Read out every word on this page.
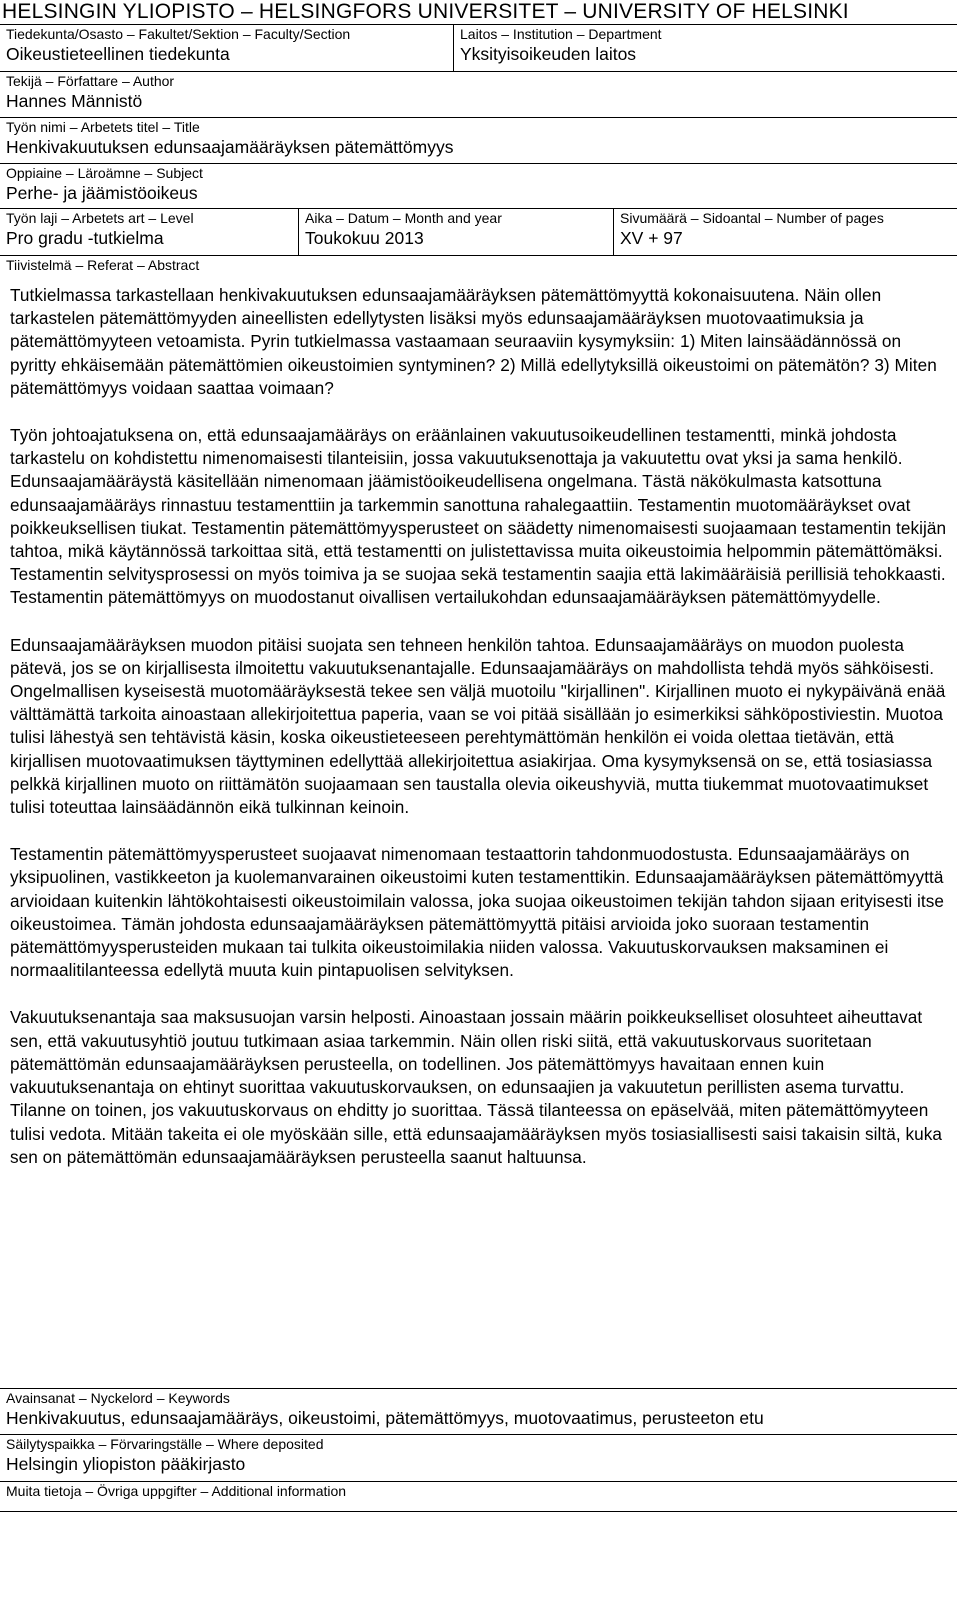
HELSINGIN YLIOPISTO – HELSINGFORS UNIVERSITET – UNIVERSITY OF HELSINKI
Tiedekunta/Osasto – Fakultet/Sektion – Faculty/Section
Oikeustieteellinen tiedekunta
Laitos – Institution – Department
Yksityisoikeuden laitos
Tekijä – Författare – Author
Hannes Männistö
Työn nimi – Arbetets titel – Title
Henkivakuutuksen edunsaajamääräyksen pätemättömyys
Oppiaine – Läroämne – Subject
Perhe- ja jäämistöoikeus
Työn laji – Arbetets art – Level
Pro gradu -tutkielma
Aika – Datum – Month and year
Toukokuu 2013
Sivumäärä – Sidoantal – Number of pages
XV + 97
Tiivistelmä – Referat – Abstract

Tutkielmassa tarkastellaan henkivakuutuksen edunsaajamääräyksen pätemättömyyttä kokonaisuutena. Näin ollen tarkastelen pätemättömyyden aineellisten edellytysten lisäksi myös edunsaajamääräyksen muotovaatimuksia ja pätemättömyyteen vetoamista. Pyrin tutkielmassa vastaamaan seuraaviin kysymyksiin: 1) Miten lainsäädännössä on pyritty ehkäisemään pätemättömien oikeustoimien syntyminen? 2) Millä edellytyksillä oikeustoimi on pätemätön? 3) Miten pätemättömyys voidaan saattaa voimaan?

Työn johtoajatuksena on, että edunsaajamääräys on eräänlainen vakuutusoikeudellinen testamentti, minkä johdosta tarkastelu on kohdistettu nimenomaisesti tilanteisiin, jossa vakuutuksenottaja ja vakuutettu ovat yksi ja sama henkilö. Edunsaajamääräystä käsitellään nimenomaan jäämistöoikeudellisena ongelmana. Tästä näkökulmasta katsottuna edunsaajamääräys rinnastuu testamenttiin ja tarkemmin sanottuna rahalegaattiin. Testamentin muotomääräykset ovat poikkeuksellisen tiukat. Testamentin pätemättömyysperusteet on säädetty nimenomaisesti suojaamaan testamentin tekijän tahtoa, mikä käytännössä tarkoittaa sitä, että testamentti on julistettavissa muita oikeustoimia helpommin pätemättömäksi. Testamentin selvitysprosessi on myös toimiva ja se suojaa sekä testamentin saajia että lakimääräisiä perillisiä tehokkaasti. Testamentin pätemättömyys on muodostanut oivallisen vertailukohdan edunsaajamääräyksen pätemättömyydelle.

Edunsaajamääräyksen muodon pitäisi suojata sen tehneen henkilön tahtoa. Edunsaajamääräys on muodon puolesta pätevä, jos se on kirjallisesta ilmoitettu vakuutuksenantajalle. Edunsaajamääräys on mahdollista tehdä myös sähköisesti. Ongelmallisen kyseisestä muotomääräyksestä tekee sen väljä muotoilu "kirjallinen". Kirjallinen muoto ei nykypäivänä enää välttämättä tarkoita ainoastaan allekirjoitettua paperia, vaan se voi pitää sisällään jo esimerkiksi sähköpostiviestin. Muotoa tulisi lähestyä sen tehtävistä käsin, koska oikeustieteeseen perehtymättömän henkilön ei voida olettaa tietävän, että kirjallisen muotovaatimuksen täyttyminen edellyttää allekirjoitettua asiakirjaa. Oma kysymyksensä on se, että tosiasiassa pelkkä kirjallinen muoto on riittämätön suojaamaan sen taustalla olevia oikeushyviä, mutta tiukemmat muotovaatimukset tulisi toteuttaa lainsäädännön eikä tulkinnan keinoin.

Testamentin pätemättömyysperusteet suojaavat nimenomaan testaattorin tahdonmuodostusta. Edunsaajamääräys on yksipuolinen, vastikkeeton ja kuolemanvarainen oikeustoimi kuten testamenttikin. Edunsaajamääräyksen pätemättömyyttä arvioidaan kuitenkin lähtökohtaisesti oikeustoimilain valossa, joka suojaa oikeustoimen tekijän tahdon sijaan erityisesti itse oikeustoimea. Tämän johdosta edunsaajamääräyksen pätemättömyyttä pitäisi arvioida joko suoraan testamentin pätemättömyysperusteiden mukaan tai tulkita oikeustoimilakia niiden valossa. Vakuutuskorvauksen maksaminen ei normaalitilanteessa edellytä muuta kuin pintapuolisen selvityksen.

Vakuutuksenantaja saa maksusuojan varsin helposti. Ainoastaan jossain määrin poikkeukselliset olosuhteet aiheuttavat sen, että vakuutusyhtiö joutuu tutkimaan asiaa tarkemmin. Näin ollen riski siitä, että vakuutuskorvaus suoritetaan pätemättömän edunsaajamääräyksen perusteella, on todellinen. Jos pätemättömyys havaitaan ennen kuin vakuutuksenantaja on ehtinyt suorittaa vakuutuskorvauksen, on edunsaajien ja vakuutetun perillisten asema turvattu. Tilanne on toinen, jos vakuutuskorvaus on ehditty jo suorittaa. Tässä tilanteessa on epäselvää, miten pätemättömyyteen tulisi vedota. Mitään takeita ei ole myöskään sille, että edunsaajamääräyksen myös tosiasiallisesti saisi takaisin siltä, kuka sen on pätemättömän edunsaajamääräyksen perusteella saanut haltuunsa.

Avainsanat – Nyckelord – Keywords
Henkivakuutus, edunsaajamääräys, oikeustoimi, pätemättömyys, muotovaatimus, perusteeton etu
Säilytyspaikka – Förvaringställe – Where deposited
Helsingin yliopiston pääkirjasto
Muita tietoja – Övriga uppgifter – Additional information
